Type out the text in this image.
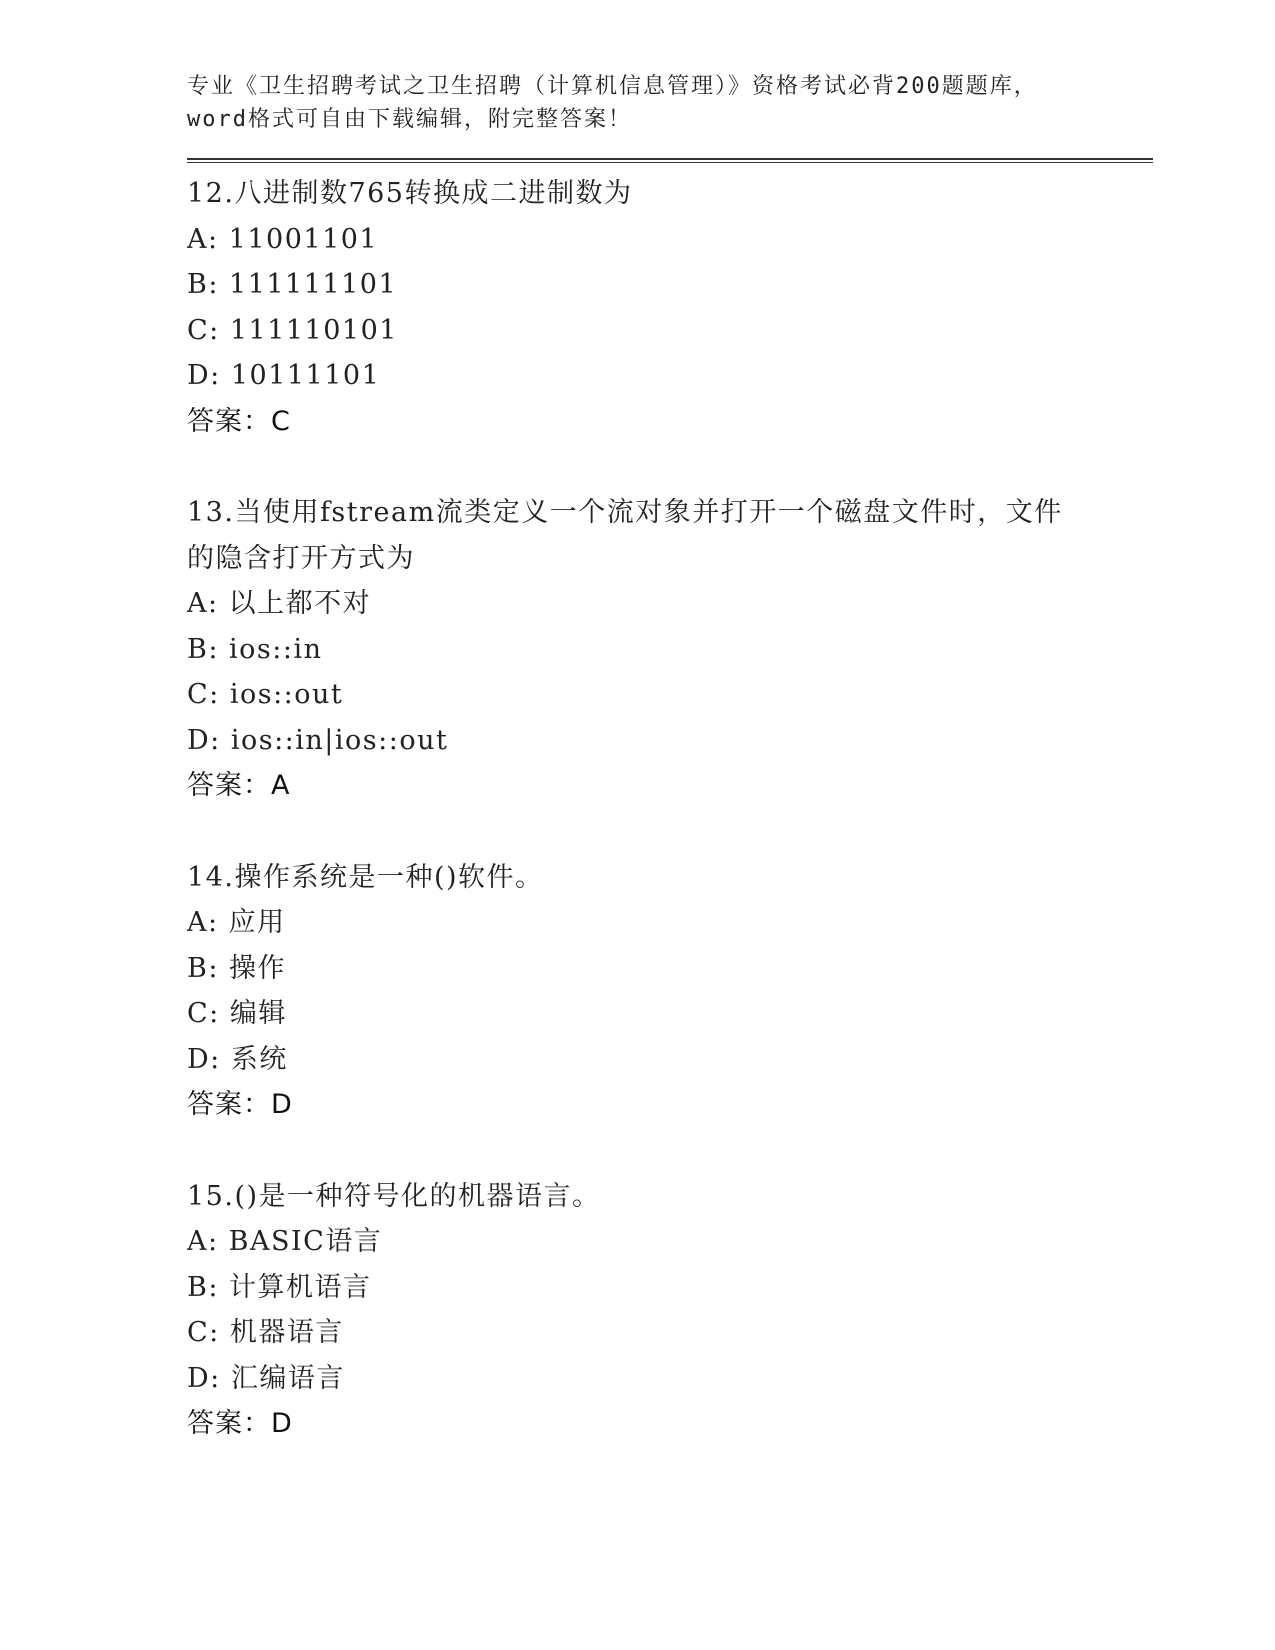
专业《卫生招聘考试之卫生招聘（计算机信息管理）》资格考试必背200题题库，
word格式可自由下载编辑，附完整答案！
12.八进制数765转换成二进制数为
A: 11001101
B: 111111101
C: 111110101
D: 10111101
答案：C
13.当使用fstream流类定义一个流对象并打开一个磁盘文件时，文件的隐含打开方式为
A: 以上都不对
B: ios::in
C: ios::out
D: ios::in|ios::out
答案：A
14.操作系统是一种()软件。
A: 应用
B: 操作
C: 编辑
D: 系统
答案：D
15.()是一种符号化的机器语言。
A: BASIC语言
B: 计算机语言
C: 机器语言
D: 汇编语言
答案：D
